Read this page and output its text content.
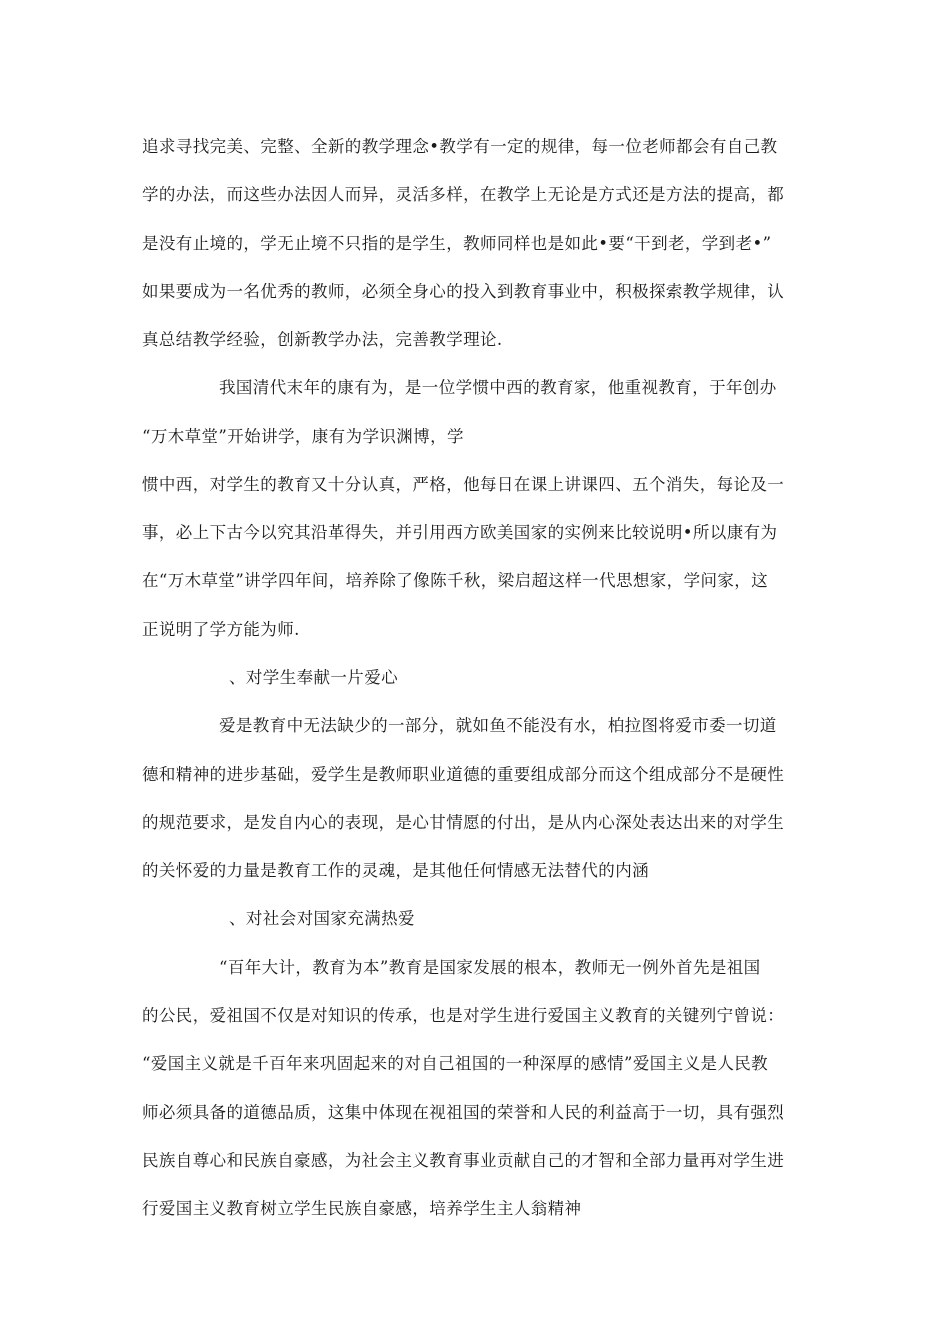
追求寻找完美、完整、全新的教学理念•教学有一定的规律，每一位老师都会有自己教
学的办法，而这些办法因人而异，灵活多样，在教学上无论是方式还是方法的提高，都
是没有止境的，学无止境不只指的是学生，教师同样也是如此•要“干到老，学到老•”
如果要成为一名优秀的教师，必须全身心的投入到教育事业中，积极探索教学规律，认
真总结教学经验，创新教学办法，完善教学理论.
我国清代末年的康有为，是一位学惯中西的教育家，他重视教育，于年创办
“万木草堂”开始讲学，康有为学识渊博，学
惯中西，对学生的教育又十分认真，严格，他每日在课上讲课四、五个消失，每论及一
事，必上下古今以究其沿革得失，并引用西方欧美国家的实例来比较说明•所以康有为
在“万木草堂”讲学四年间，培养除了像陈千秋，梁启超这样一代思想家，学问家，这
正说明了学方能为师.
、对学生奉献一片爱心
爱是教育中无法缺少的一部分，就如鱼不能没有水，柏拉图将爱市委一切道
德和精神的进步基础，爱学生是教师职业道德的重要组成部分而这个组成部分不是硬性
的规范要求，是发自内心的表现，是心甘情愿的付出，是从内心深处表达出来的对学生
的关怀爱的力量是教育工作的灵魂，是其他任何情感无法替代的内涵
、对社会对国家充满热爱
“百年大计，教育为本”教育是国家发展的根本，教师无一例外首先是祖国
的公民，爱祖国不仅是对知识的传承，也是对学生进行爱国主义教育的关键列宁曾说：
“爱国主义就是千百年来巩固起来的对自己祖国的一种深厚的感情”爱国主义是人民教
师必须具备的道德品质，这集中体现在视祖国的荣誉和人民的利益高于一切，具有强烈
民族自尊心和民族自豪感，为社会主义教育事业贡献自己的才智和全部力量再对学生进
行爱国主义教育树立学生民族自豪感，培养学生主人翁精神
